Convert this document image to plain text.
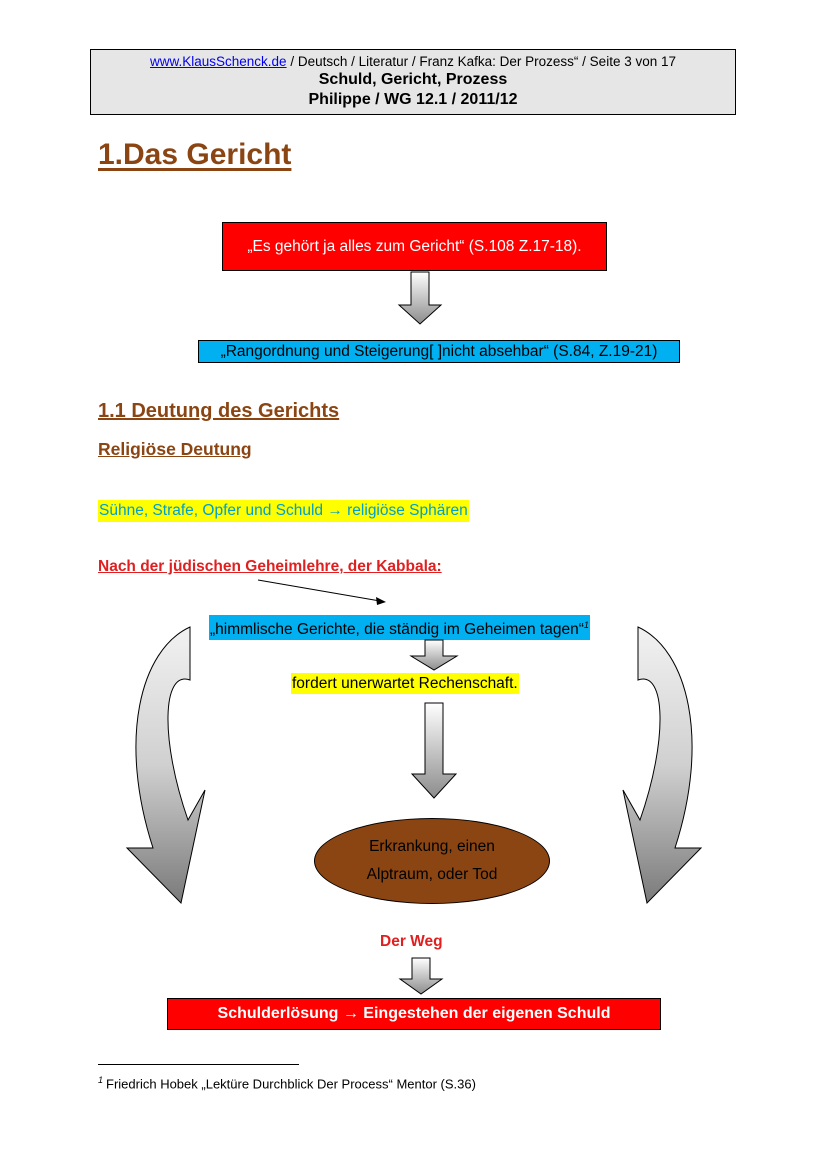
www.KlausSchenck.de / Deutsch / Literatur / Franz Kafka: Der Prozess“ / Seite 3 von 17
Schuld, Gericht, Prozess
Philippe / WG 12.1 / 2011/12
1.Das Gericht
„Es gehört ja alles zum Gericht“ (S.108 Z.17-18).
„Rangordnung und Steigerung[ ]nicht absehbar“ (S.84, Z.19-21)
1.1 Deutung des Gerichts
Religiöse Deutung
Sühne, Strafe, Opfer und Schuld → religiöse Sphären
Nach der jüdischen Geheimlehre, der Kabbala:
„himmlische Gerichte, die ständig im Geheimen tagen“$^1$
fordert unerwartet Rechenschaft.
Erkrankung, einen
Alptraum, oder Tod
Der Weg
Schulderlösung → Eingestehen der eigenen Schuld
$^1$ Friedrich Hobek „Lektüre Durchblick Der Process“ Mentor (S.36)
